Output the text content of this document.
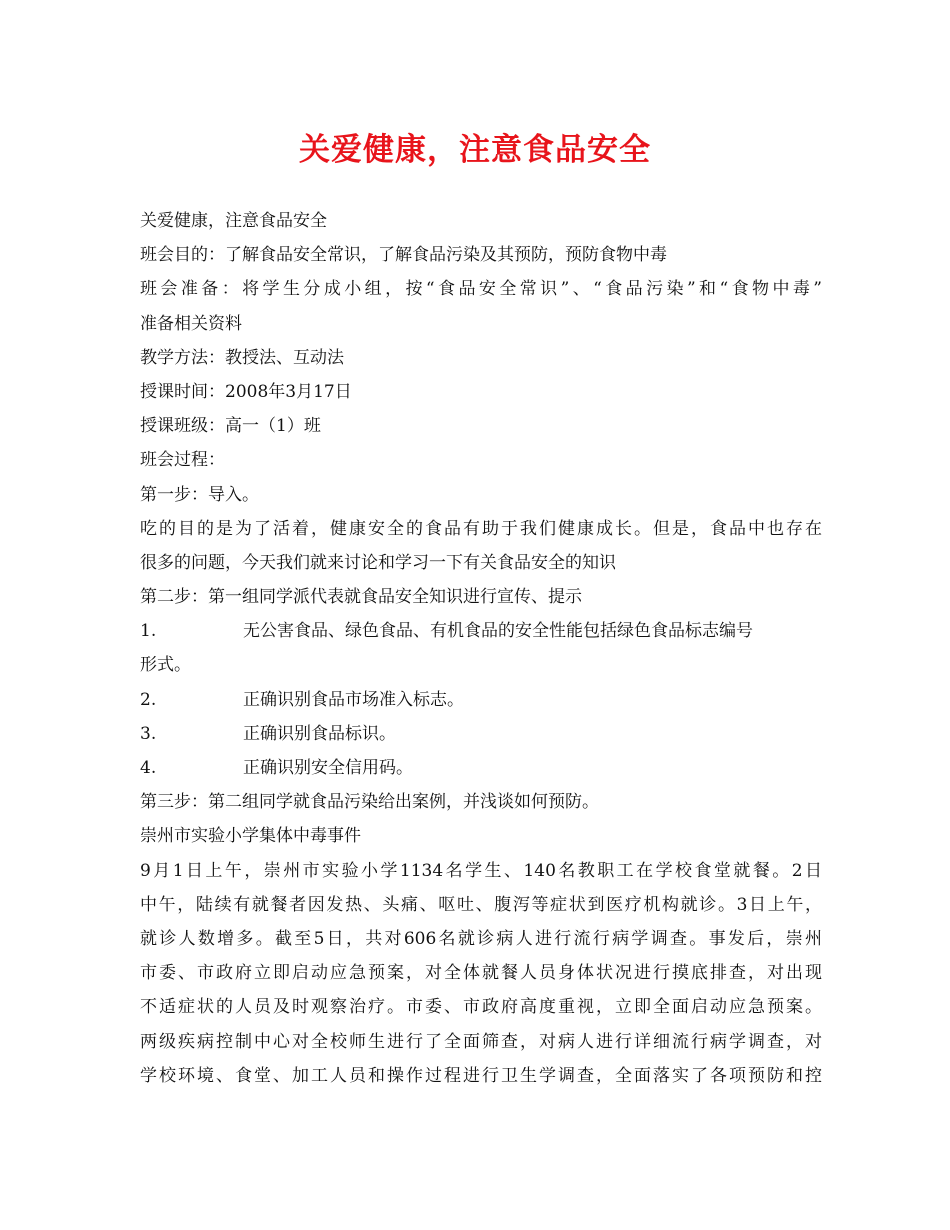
关爱健康，注意食品安全
关爱健康，注意食品安全
班会目的：了解食品安全常识，了解食品污染及其预防，预防食物中毒
班会准备：将学生分成小组，按“食品安全常识”、“食品污染”和“食物中毒”
准备相关资料
教学方法：教授法、互动法
授课时间：2008年3月17日
授课班级：高一（1）班
班会过程：
第一步：导入。
吃的目的是为了活着，健康安全的食品有助于我们健康成长。但是，食品中也存在
很多的问题，今天我们就来讨论和学习一下有关食品安全的知识
第二步：第一组同学派代表就食品安全知识进行宣传、提示
1.	无公害食品、绿色食品、有机食品的安全性能包括绿色食品标志编号
形式。
2.	正确识别食品市场准入标志。
3.	正确识别食品标识。
4.	正确识别安全信用码。
第三步：第二组同学就食品污染给出案例，并浅谈如何预防。
崇州市实验小学集体中毒事件
9月1日上午，崇州市实验小学1134名学生、140名教职工在学校食堂就餐。2日
中午，陆续有就餐者因发热、头痛、呕吐、腹泻等症状到医疗机构就诊。3日上午，
就诊人数增多。截至5日，共对606名就诊病人进行流行病学调查。事发后，崇州
市委、市政府立即启动应急预案，对全体就餐人员身体状况进行摸底排查，对出现
不适症状的人员及时观察治疗。市委、市政府高度重视，立即全面启动应急预案。
两级疾病控制中心对全校师生进行了全面筛查，对病人进行详细流行病学调查，对
学校环境、食堂、加工人员和操作过程进行卫生学调查，全面落实了各项预防和控
